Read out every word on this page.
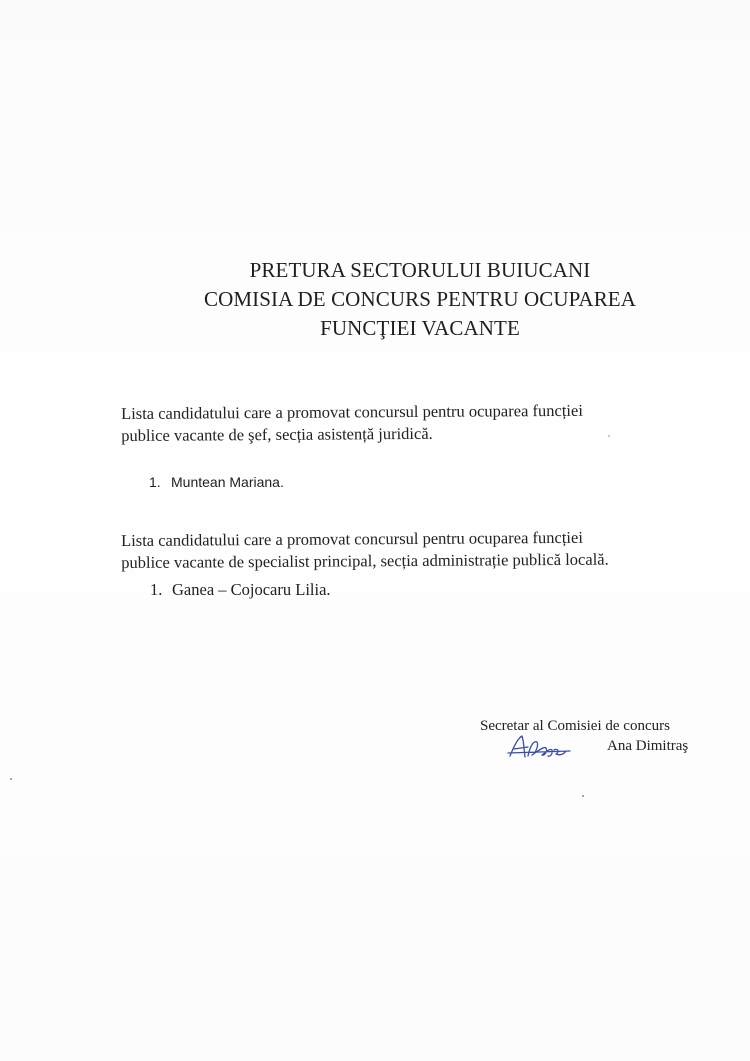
PRETURA SECTORULUI BUIUCANI
COMISIA DE CONCURS PENTRU OCUPAREA
FUNCŢIEI VACANTE
Lista candidatului care a promovat concursul pentru ocuparea funcției
publice vacante de şef, secția asistență juridică.
1. Muntean Mariana.
Lista candidatului care a promovat concursul pentru ocuparea funcției
publice vacante de specialist principal, secția administrație publică locală.
1. Ganea – Cojocaru Lilia.
Secretar al Comisiei de concurs
Ana Dimitraş
